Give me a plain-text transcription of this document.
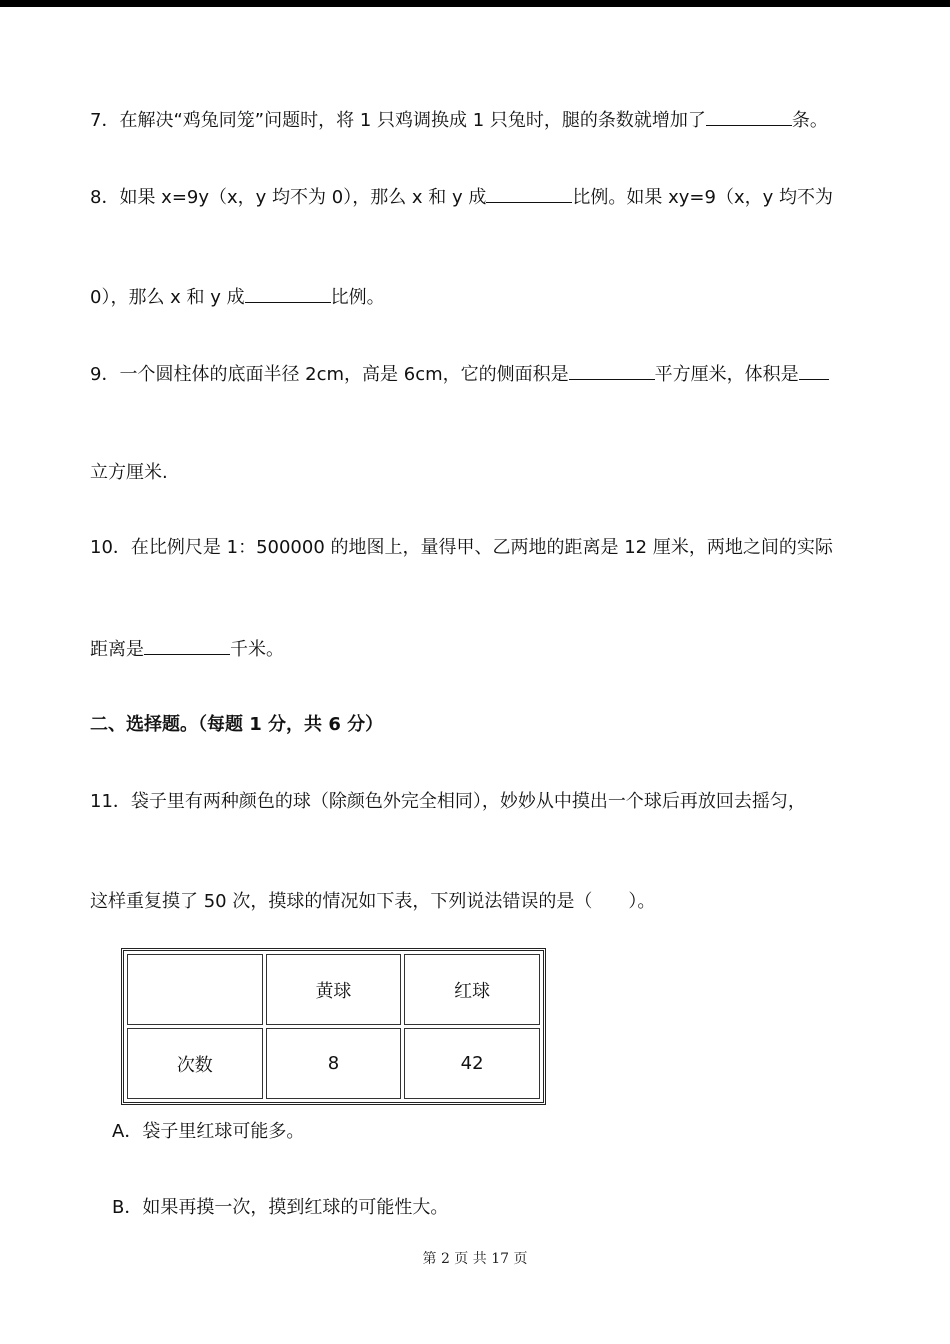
7．在解决“鸡兔同笼”问题时，将 1 只鸡调换成 1 只兔时，腿的条数就增加了	条。
8．如果 x=9y（x，y 均不为 0），那么 x 和 y 成	比例。如果 xy=9（x，y 均不为
0），那么 x 和 y 成	比例。
9．一个圆柱体的底面半径 2cm，高是 6cm，它的侧面积是	平方厘米，体积是
立方厘米.
10．在比例尺是 1：500000 的地图上，量得甲、乙两地的距离是 12 厘米，两地之间的实际
距离是	千米。
二、选择题。（每题 1 分，共 6 分）
11．袋子里有两种颜色的球（除颜色外完全相同），妙妙从中摸出一个球后再放回去摇匀，
这样重复摸了 50 次，摸球的情况如下表，下列说法错误的是（　　）。
	黄球	红球
次数	8	42
A．袋子里红球可能多。
B．如果再摸一次，摸到红球的可能性大。
第 2 页 共 17 页
